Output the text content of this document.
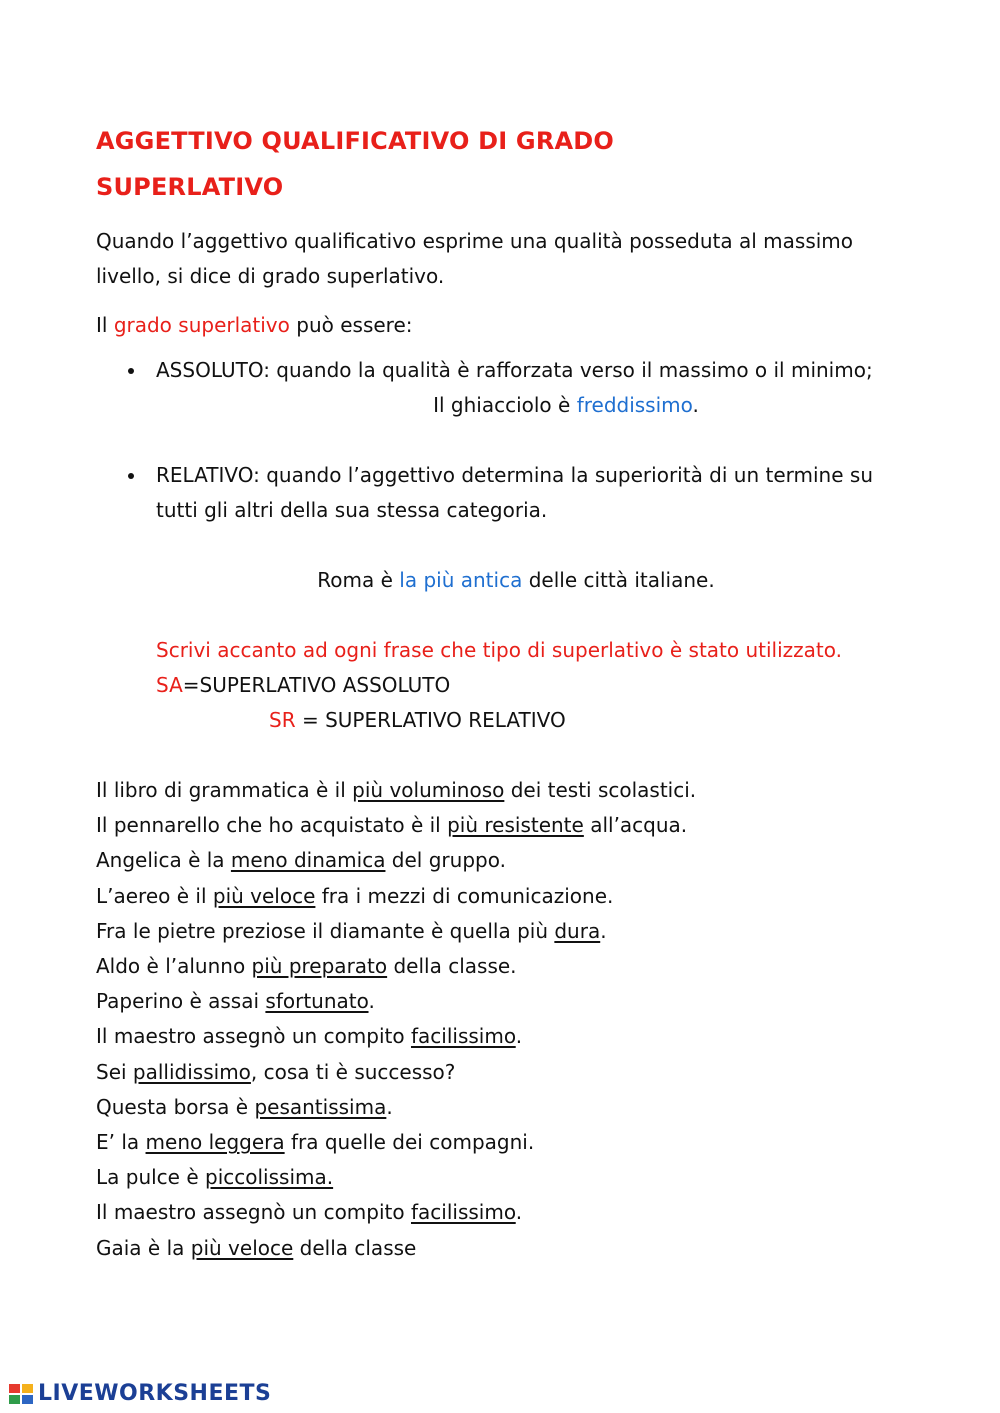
AGGETTIVO QUALIFICATIVO DI GRADO
SUPERLATIVO

Quando l’aggettivo qualificativo esprime una qualità posseduta al massimo livello, si dice di grado superlativo.

Il grado superlativo può essere:

ASSOLUTO: quando la qualità è rafforzata verso il massimo o il minimo;
Il ghiacciolo è freddissimo.
RELATIVO: quando l’aggettivo determina la superiorità di un termine su tutti gli altri della sua stessa categoria.
Roma è la più antica delle città italiane.
Scrivi accanto ad ogni frase che tipo di superlativo è stato utilizzato. SA=SUPERLATIVO ASSOLUTO
SR = SUPERLATIVO RELATIVO
Il libro di grammatica è il più voluminoso dei testi scolastici.
Il pennarello che ho acquistato è il più resistente all’acqua.
Angelica è la meno dinamica del gruppo.
L’aereo è il più veloce fra i mezzi di comunicazione.
Fra le pietre preziose il diamante è quella più dura.
Aldo è l’alunno più preparato della classe.
Paperino è assai sfortunato.
Il maestro assegnò un compito facilissimo.
Sei pallidissimo, cosa ti è successo?
Questa borsa è pesantissima.
E’ la meno leggera fra quelle dei compagni.
La pulce è piccolissima.
Il maestro assegnò un compito facilissimo.
Gaia è la più veloce della classe
LIVEWORKSHEETS
